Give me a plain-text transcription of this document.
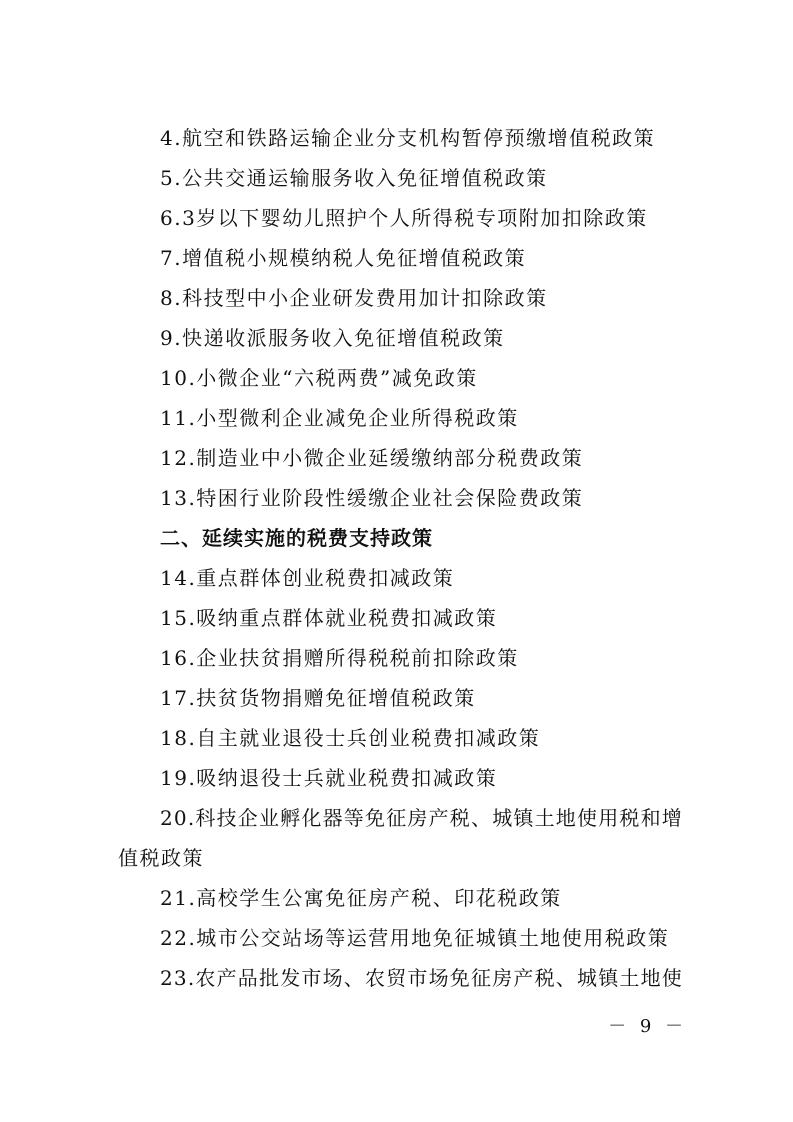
4.航空和铁路运输企业分支机构暂停预缴增值税政策
5.公共交通运输服务收入免征增值税政策
6.3岁以下婴幼儿照护个人所得税专项附加扣除政策
7.增值税小规模纳税人免征增值税政策
8.科技型中小企业研发费用加计扣除政策
9.快递收派服务收入免征增值税政策
10.小微企业“六税两费”减免政策
11.小型微利企业减免企业所得税政策
12.制造业中小微企业延缓缴纳部分税费政策
13.特困行业阶段性缓缴企业社会保险费政策
二、延续实施的税费支持政策
14.重点群体创业税费扣减政策
15.吸纳重点群体就业税费扣减政策
16.企业扶贫捐赠所得税税前扣除政策
17.扶贫货物捐赠免征增值税政策
18.自主就业退役士兵创业税费扣减政策
19.吸纳退役士兵就业税费扣减政策
20.科技企业孵化器等免征房产税、城镇土地使用税和增
值税政策
21.高校学生公寓免征房产税、印花税政策
22.城市公交站场等运营用地免征城镇土地使用税政策
23.农产品批发市场、农贸市场免征房产税、城镇土地使
－ 9 －
